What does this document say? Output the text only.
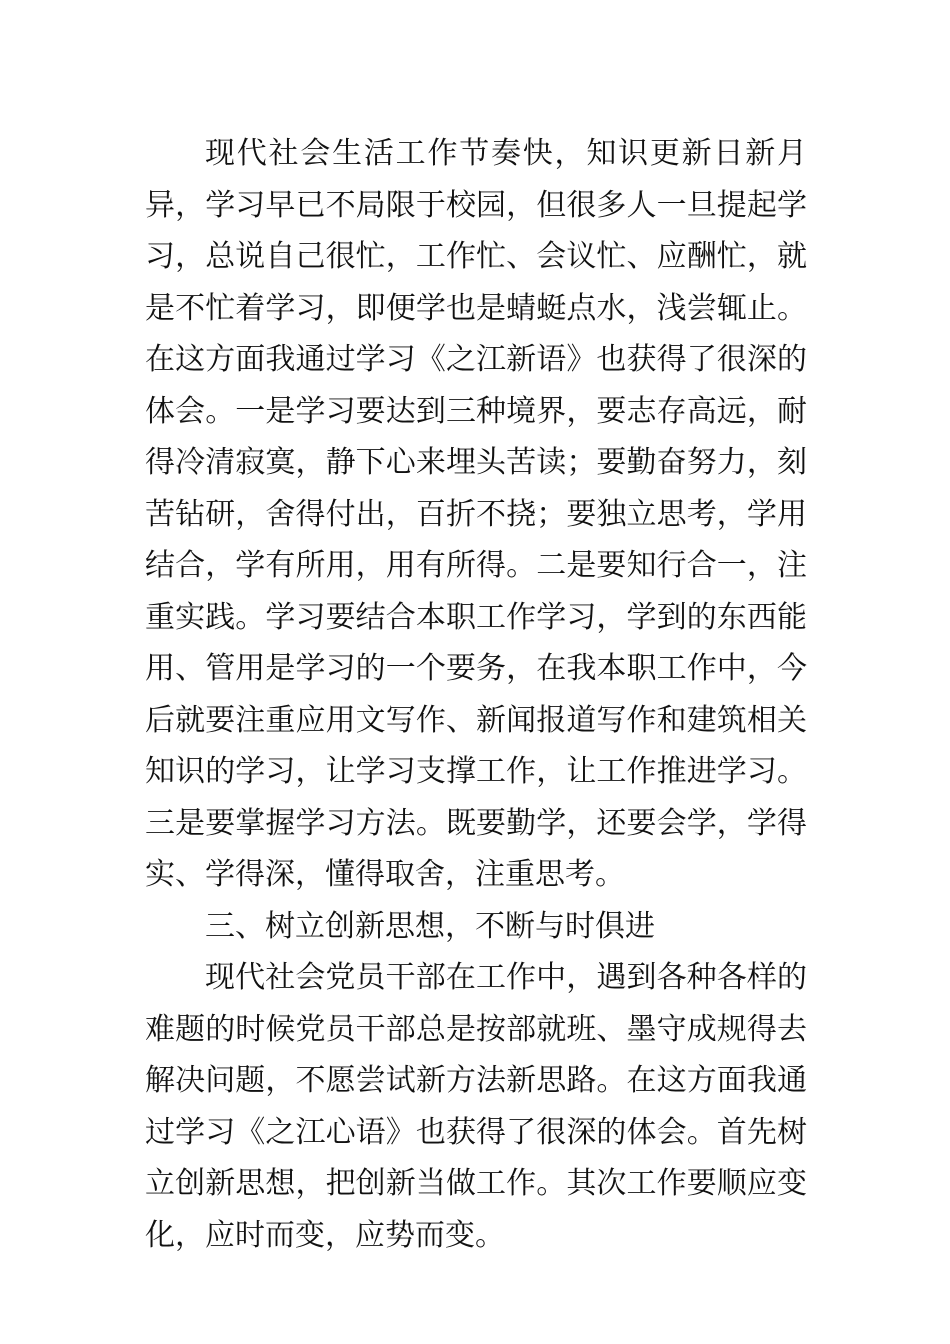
现代社会生活工作节奏快，知识更新日新月异，学习早已不局限于校园，但很多人一旦提起学习，总说自己很忙，工作忙、会议忙、应酬忙，就是不忙着学习，即便学也是蜻蜓点水，浅尝辄止。在这方面我通过学习《之江新语》也获得了很深的体会。一是学习要达到三种境界，要志存高远，耐得冷清寂寞，静下心来埋头苦读；要勤奋努力，刻苦钻研，舍得付出，百折不挠；要独立思考，学用结合，学有所用，用有所得。二是要知行合一，注重实践。学习要结合本职工作学习，学到的东西能用、管用是学习的一个要务，在我本职工作中，今后就要注重应用文写作、新闻报道写作和建筑相关知识的学习，让学习支撑工作，让工作推进学习。三是要掌握学习方法。既要勤学，还要会学，学得实、学得深，懂得取舍，注重思考。

三、树立创新思想，不断与时俱进

现代社会党员干部在工作中，遇到各种各样的难题的时候党员干部总是按部就班、墨守成规得去解决问题，不愿尝试新方法新思路。在这方面我通过学习《之江心语》也获得了很深的体会。首先树立创新思想，把创新当做工作。其次工作要顺应变化，应时而变，应势而变。
